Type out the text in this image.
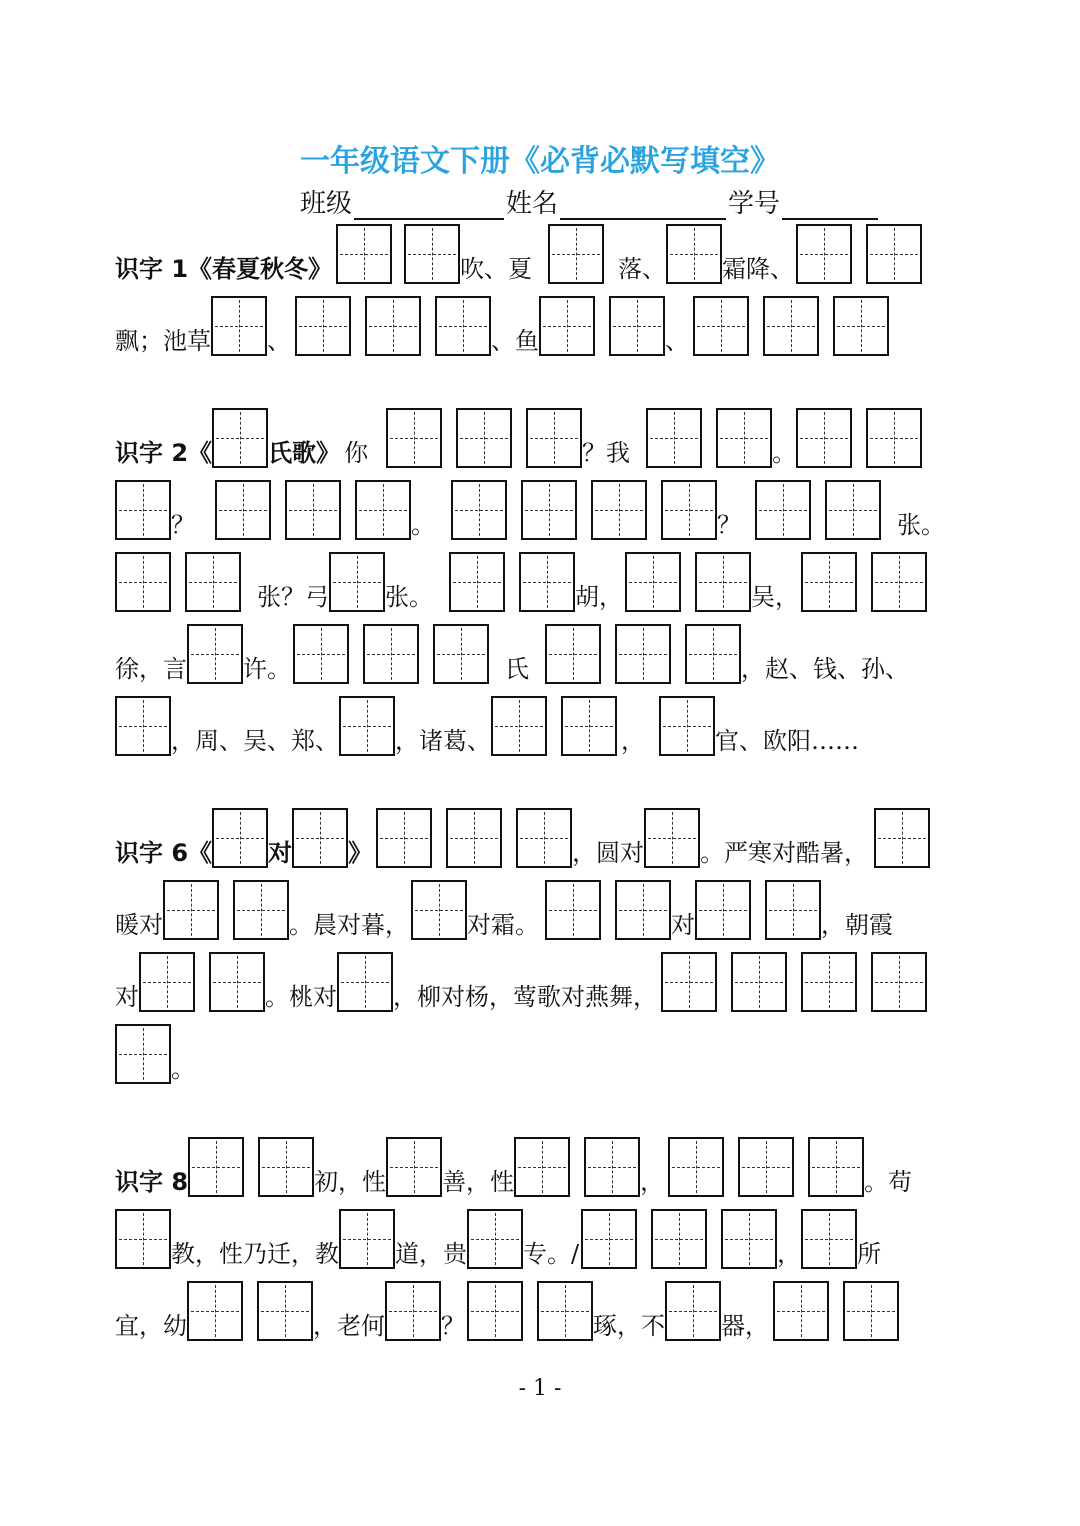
一年级语文下册《必背必默写填空》
班级	姓名	学号
识字 1《春夏秋冬》	吹、夏	落、 霜降、
飘；池草 、	、鱼	、
识字 2《 氏歌》 你	？我	。
？	。	？	张。
张？弓 张。	胡，	吴，
徐，言 许。	氏	，赵、钱、孙、
，周、吴、郑、 ，诸葛、	，	官、欧阳……
识字 6《 对 》	，圆对 。严寒对酷暑，
暖对	。晨对暮， 对霜。	对	，朝霞
对	。桃对 ，柳对杨，莺歌对燕舞，
。
识字 8	初，性 善，性	，	。苟
教，性乃迁，教 道，贵 专。/	， 所
宜，幼	，老何 ？	琢，不 器，
- 1 -
